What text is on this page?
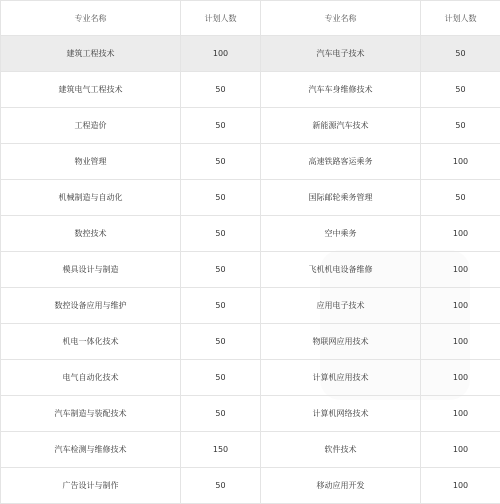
专业名称	计划人数	专业名称	计划人数
建筑工程技术	100	汽车电子技术	50
建筑电气工程技术	50	汽车车身维修技术	50
工程造价	50	新能源汽车技术	50
物业管理	50	高速铁路客运乘务	100
机械制造与自动化	50	国际邮轮乘务管理	50
数控技术	50	空中乘务	100
模具设计与制造	50	飞机机电设备维修	100
数控设备应用与维护	50	应用电子技术	100
机电一体化技术	50	物联网应用技术	100
电气自动化技术	50	计算机应用技术	100
汽车制造与装配技术	50	计算机网络技术	100
汽车检测与维修技术	150	软件技术	100
广告设计与制作	50	移动应用开发	100
